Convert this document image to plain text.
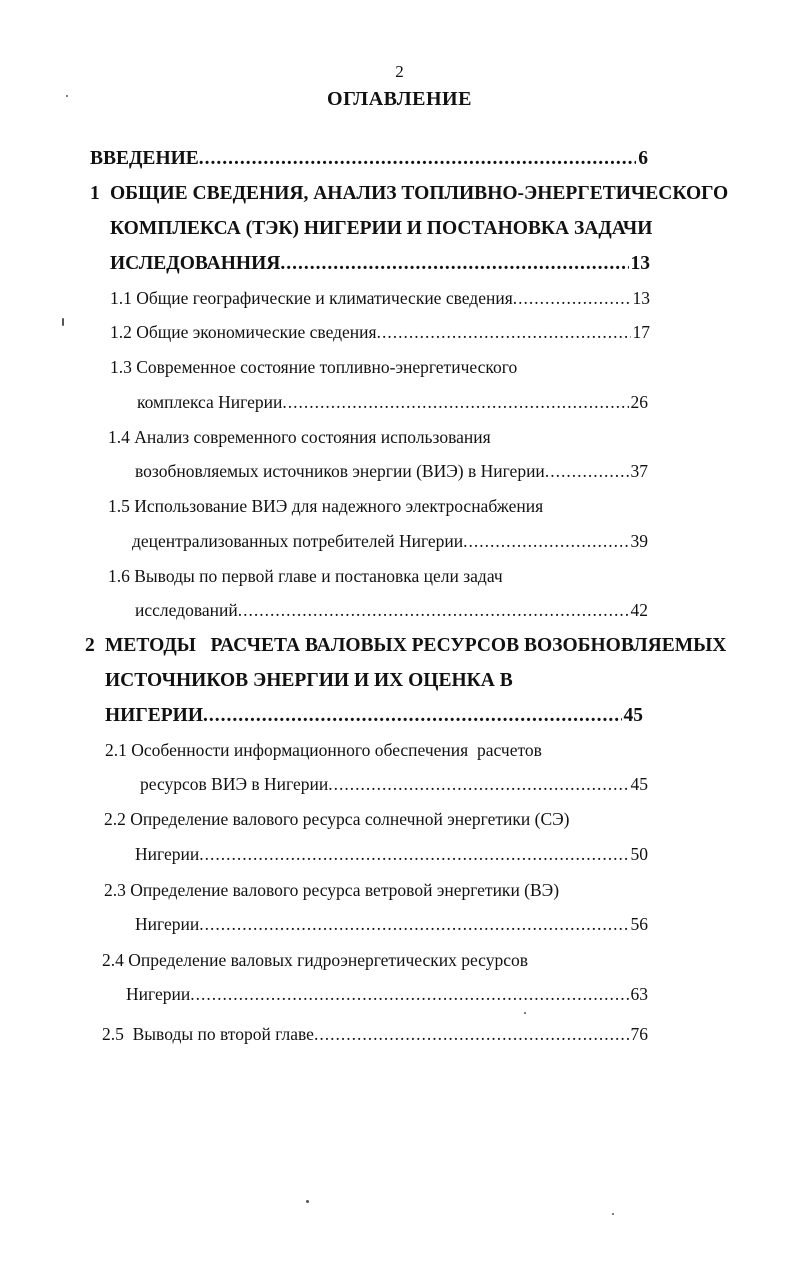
2
ОГЛАВЛЕНИЕ
ВВЕДЕНИЕ .....	6
1 ОБЩИЕ СВЕДЕНИЯ, АНАЛИЗ ТОПЛИВНО-ЭНЕРГЕТИЧЕСКОГО
КОМПЛЕКСА (ТЭК) НИГЕРИИ И ПОСТАНОВКА ЗАДАЧИ
ИСЛЕДОВАННИЯ .....	13
1.1 Общие географические и климатические сведения .....	13
1.2 Общие экономические сведения .....	17
1.3 Современное состояние топливно-энергетического
комплекса Нигерии .....	26
1.4 Анализ современного состояния использования
возобновляемых источников энергии (ВИЭ) в Нигерии .....	37
1.5 Использование ВИЭ для надежного электроснабжения
децентрализованных потребителей Нигерии .....	39
1.6 Выводы по первой главе и постановка цели задач
исследований .....	42
2 МЕТОДЫ   РАСЧЕТА ВАЛОВЫХ РЕСУРСОВ ВОЗОБНОВЛЯЕМЫХ
ИСТОЧНИКОВ ЭНЕРГИИ И ИХ ОЦЕНКА В
НИГЕРИИ .....	45
2.1 Особенности информационного обеспечения  расчетов
ресурсов ВИЭ в Нигерии .....	45
2.2 Определение валового ресурса солнечной энергетики (СЭ)
Нигерии .....	50
2.3 Определение валового ресурса ветровой энергетики (ВЭ)
Нигерии .....	56
2.4 Определение валовых гидроэнергетических ресурсов
Нигерии .....	63
2.5  Выводы по второй главе .....	76
